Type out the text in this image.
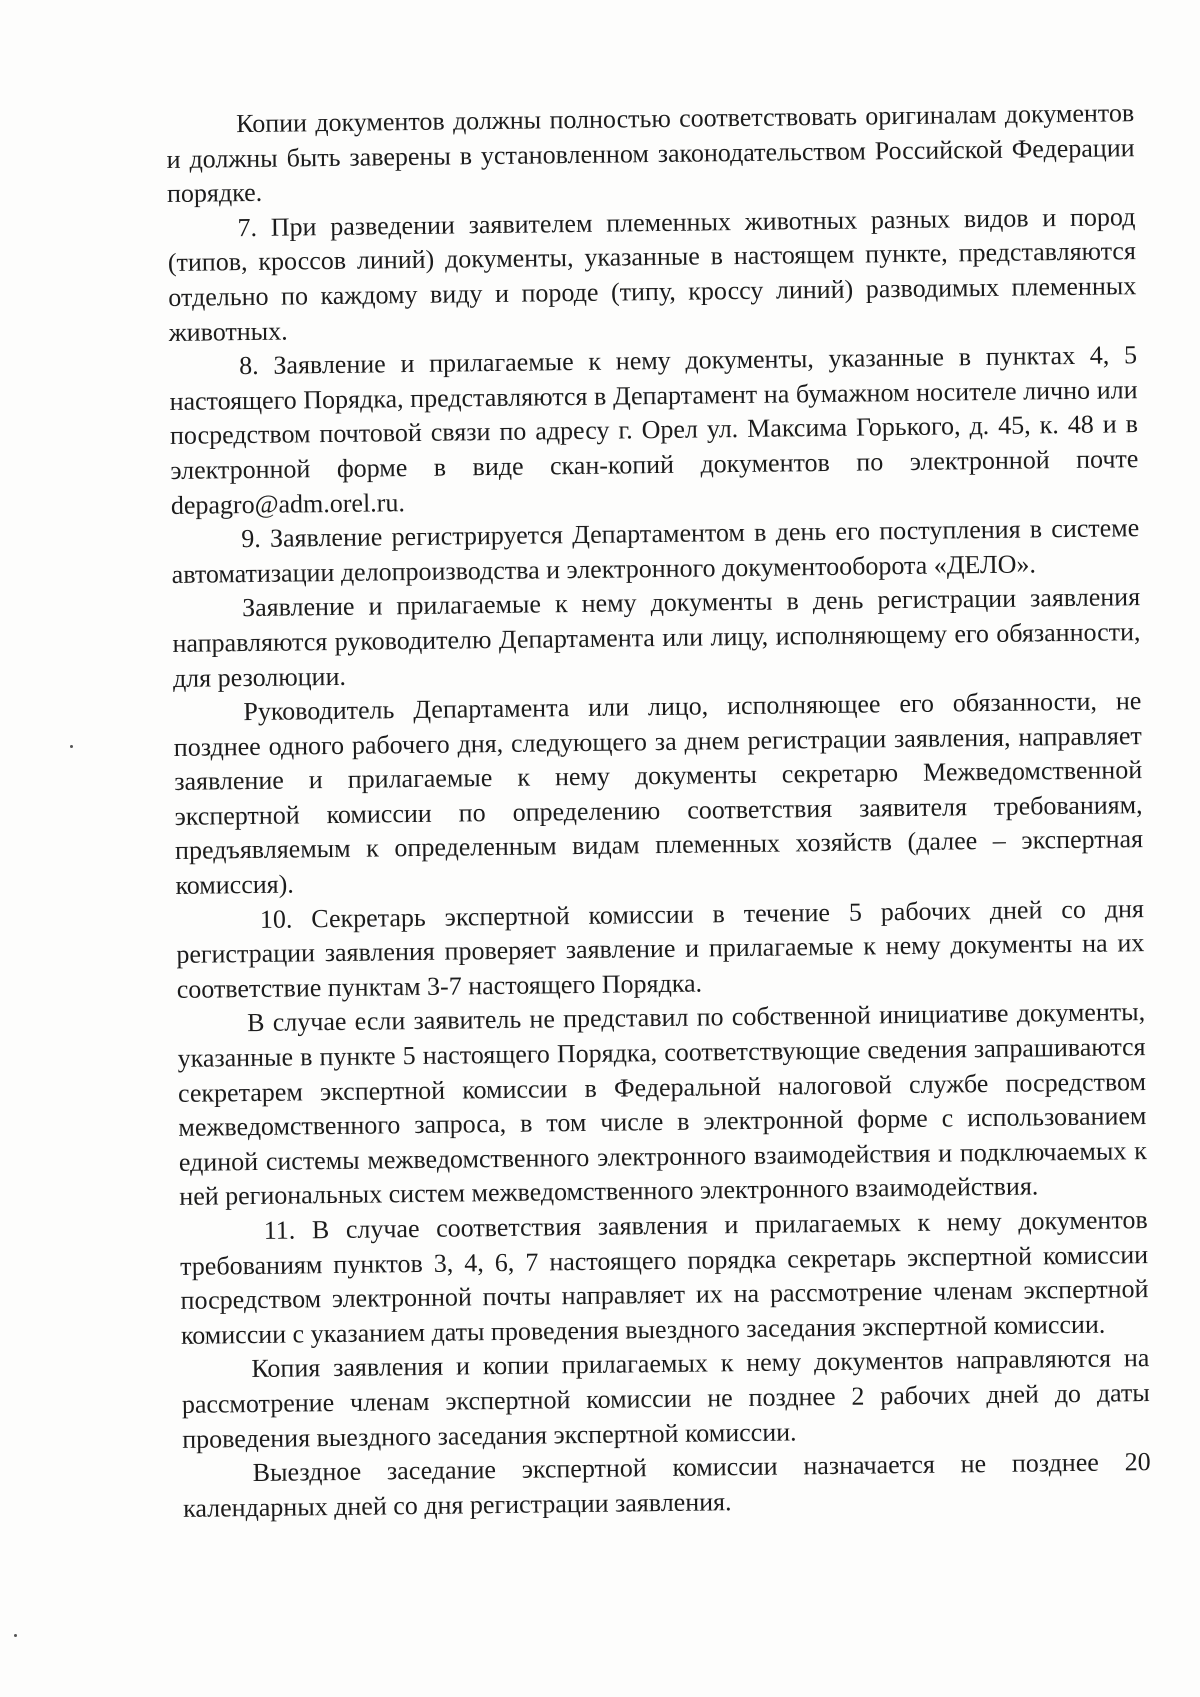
Копии документов должны полностью соответствовать оригиналам документов и должны быть заверены в установленном законодательством Российской Федерации порядке.

7. При разведении заявителем племенных животных разных видов и пород (типов, кроссов линий) документы, указанные в настоящем пункте, представляются отдельно по каждому виду и породе (типу, кроссу линий) разводимых племенных животных.

8. Заявление и прилагаемые к нему документы, указанные в пунктах 4, 5 настоящего Порядка, представляются в Департамент на бумажном носителе лично или посредством почтовой связи по адресу г. Орел ул. Максима Горького, д. 45, к. 48 и в электронной форме в виде скан-копий документов по электронной почте depagro@adm.orel.ru.

9. Заявление регистрируется Департаментом в день его поступления в системе автоматизации делопроизводства и электронного документооборота «ДЕЛО».

Заявление и прилагаемые к нему документы в день регистрации заявления направляются руководителю Департамента или лицу, исполняющему его обязанности, для резолюции.

Руководитель Департамента или лицо, исполняющее его обязанности, не позднее одного рабочего дня, следующего за днем регистрации заявления, направляет заявление и прилагаемые к нему документы секретарю Межведомственной экспертной комиссии по определению соответствия заявителя требованиям, предъявляемым к определенным видам племенных хозяйств (далее – экспертная комиссия).

10. Секретарь экспертной комиссии в течение 5 рабочих дней со дня регистрации заявления проверяет заявление и прилагаемые к нему документы на их соответствие пунктам 3-7 настоящего Порядка.

В случае если заявитель не представил по собственной инициативе документы, указанные в пункте 5 настоящего Порядка, соответствующие сведения запрашиваются секретарем экспертной комиссии в Федеральной налоговой службе посредством межведомственного запроса, в том числе в электронной форме с использованием единой системы межведомственного электронного взаимодействия и подключаемых к ней региональных систем межведомственного электронного взаимодействия.

11. В случае соответствия заявления и прилагаемых к нему документов требованиям пунктов 3, 4, 6, 7 настоящего порядка секретарь экспертной комиссии посредством электронной почты направляет их на рассмотрение членам экспертной комиссии с указанием даты проведения выездного заседания экспертной комиссии.

Копия заявления и копии прилагаемых к нему документов направляются на рассмотрение членам экспертной комиссии не позднее 2 рабочих дней до даты проведения выездного заседания экспертной комиссии.

Выездное заседание экспертной комиссии назначается не позднее 20 календарных дней со дня регистрации заявления.
